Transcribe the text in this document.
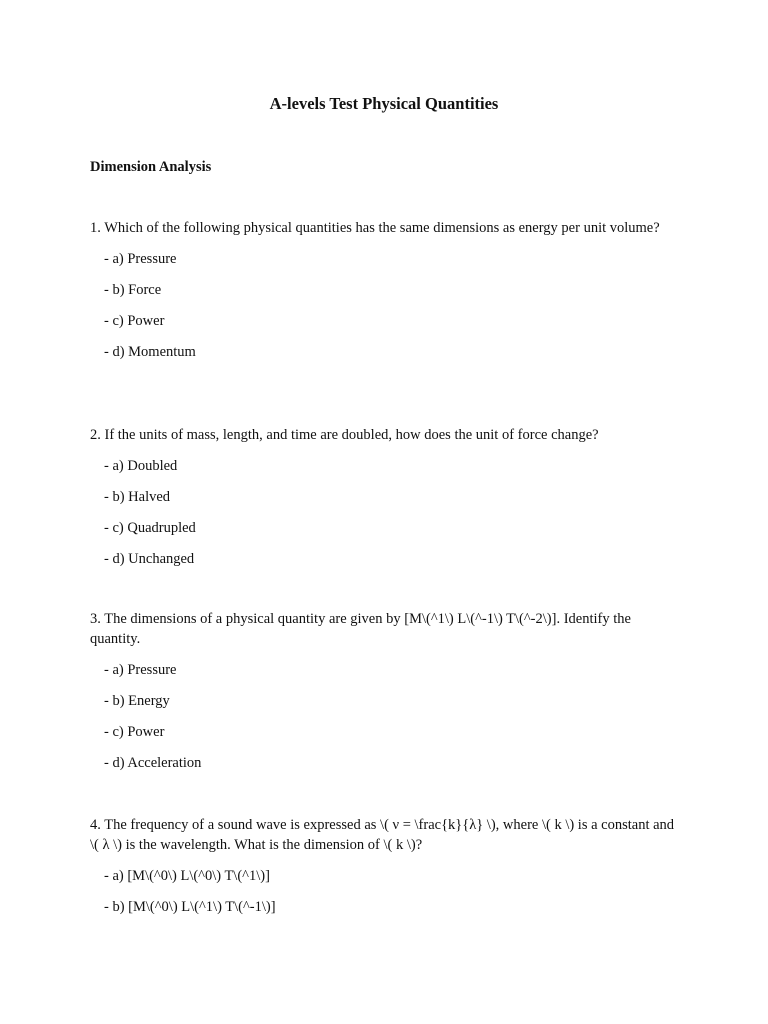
A-levels Test Physical Quantities
Dimension Analysis

1. Which of the following physical quantities has the same dimensions as energy per unit volume?

- a) Pressure
- b) Force
- c) Power
- d) Momentum

2. If the units of mass, length, and time are doubled, how does the unit of force change?

- a) Doubled
- b) Halved
- c) Quadrupled
- d) Unchanged

3. The dimensions of a physical quantity are given by [M\(^1\) L\(^-1\) T\(^-2\)]. Identify the quantity.

- a) Pressure
- b) Energy
- c) Power
- d) Acceleration

4. The frequency of a sound wave is expressed as \( ν = \frac{k}{λ} \), where \( k \) is a constant and \( λ \) is the wavelength. What is the dimension of \( k \)?

- a) [M\(^0\) L\(^0\) T\(^1\)]
- b) [M\(^0\) L\(^1\) T\(^-1\)]
